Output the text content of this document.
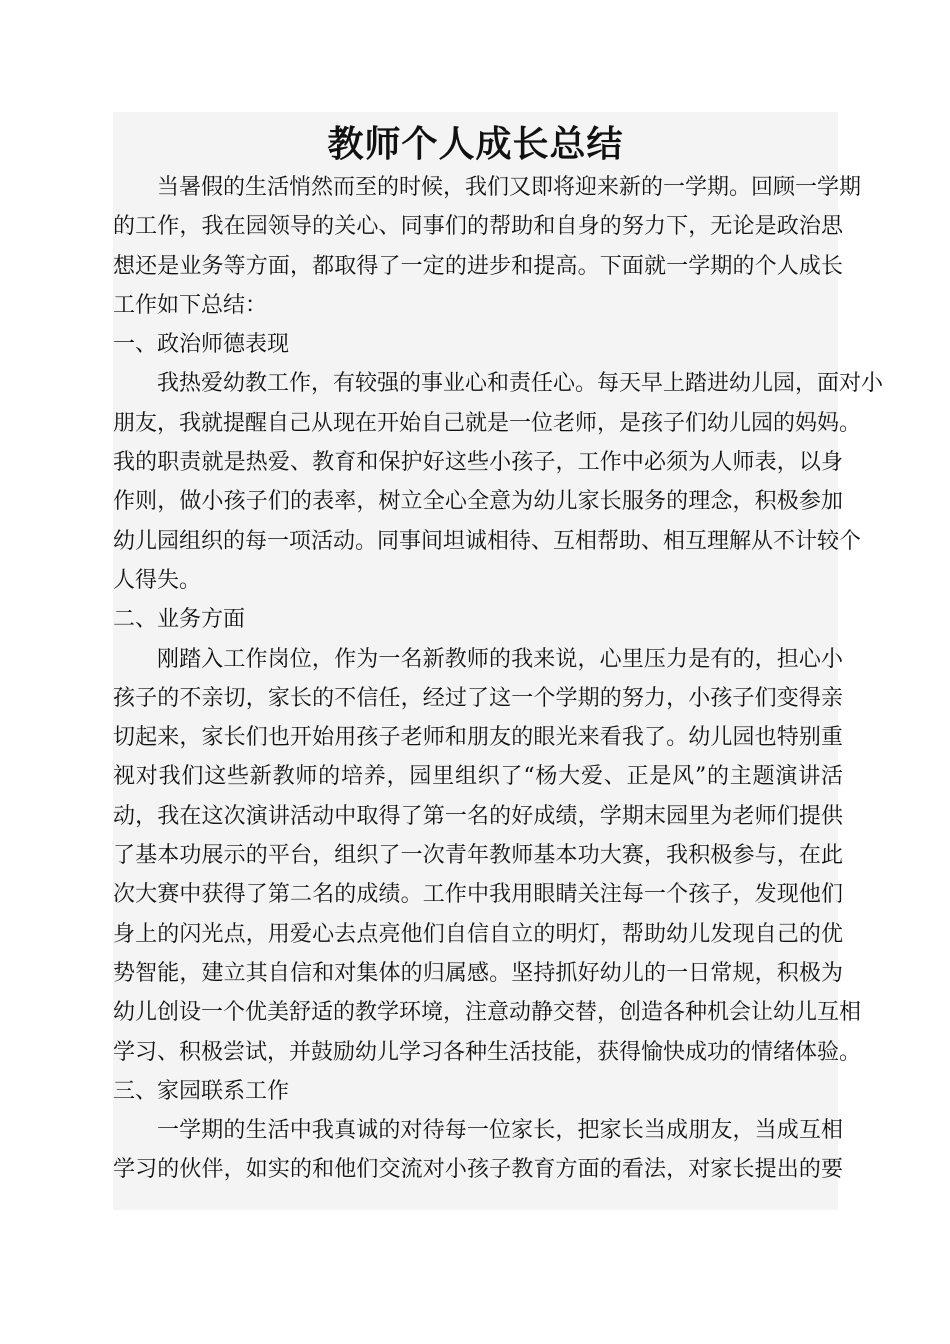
教师个人成长总结
当暑假的生活悄然而至的时候，我们又即将迎来新的一学期。回顾一学期
的工作，我在园领导的关心、同事们的帮助和自身的努力下，无论是政治思
想还是业务等方面，都取得了一定的进步和提高。下面就一学期的个人成长
工作如下总结：
一、政治师德表现
我热爱幼教工作，有较强的事业心和责任心。每天早上踏进幼儿园，面对小
朋友，我就提醒自己从现在开始自己就是一位老师，是孩子们幼儿园的妈妈。
我的职责就是热爱、教育和保护好这些小孩子，工作中必须为人师表，以身
作则，做小孩子们的表率，树立全心全意为幼儿家长服务的理念，积极参加
幼儿园组织的每一项活动。同事间坦诚相待、互相帮助、相互理解从不计较个
人得失。
二、业务方面
刚踏入工作岗位，作为一名新教师的我来说，心里压力是有的，担心小
孩子的不亲切，家长的不信任，经过了这一个学期的努力，小孩子们变得亲
切起来，家长们也开始用孩子老师和朋友的眼光来看我了。幼儿园也特别重
视对我们这些新教师的培养，园里组织了“杨大爱、正是风”的主题演讲活
动，我在这次演讲活动中取得了第一名的好成绩，学期末园里为老师们提供
了基本功展示的平台，组织了一次青年教师基本功大赛，我积极参与，在此
次大赛中获得了第二名的成绩。工作中我用眼睛关注每一个孩子，发现他们
身上的闪光点，用爱心去点亮他们自信自立的明灯，帮助幼儿发现自己的优
势智能，建立其自信和对集体的归属感。坚持抓好幼儿的一日常规，积极为
幼儿创设一个优美舒适的教学环境，注意动静交替，创造各种机会让幼儿互相
学习、积极尝试，并鼓励幼儿学习各种生活技能，获得愉快成功的情绪体验。
三、家园联系工作
一学期的生活中我真诚的对待每一位家长，把家长当成朋友，当成互相
学习的伙伴，如实的和他们交流对小孩子教育方面的看法，对家长提出的要
